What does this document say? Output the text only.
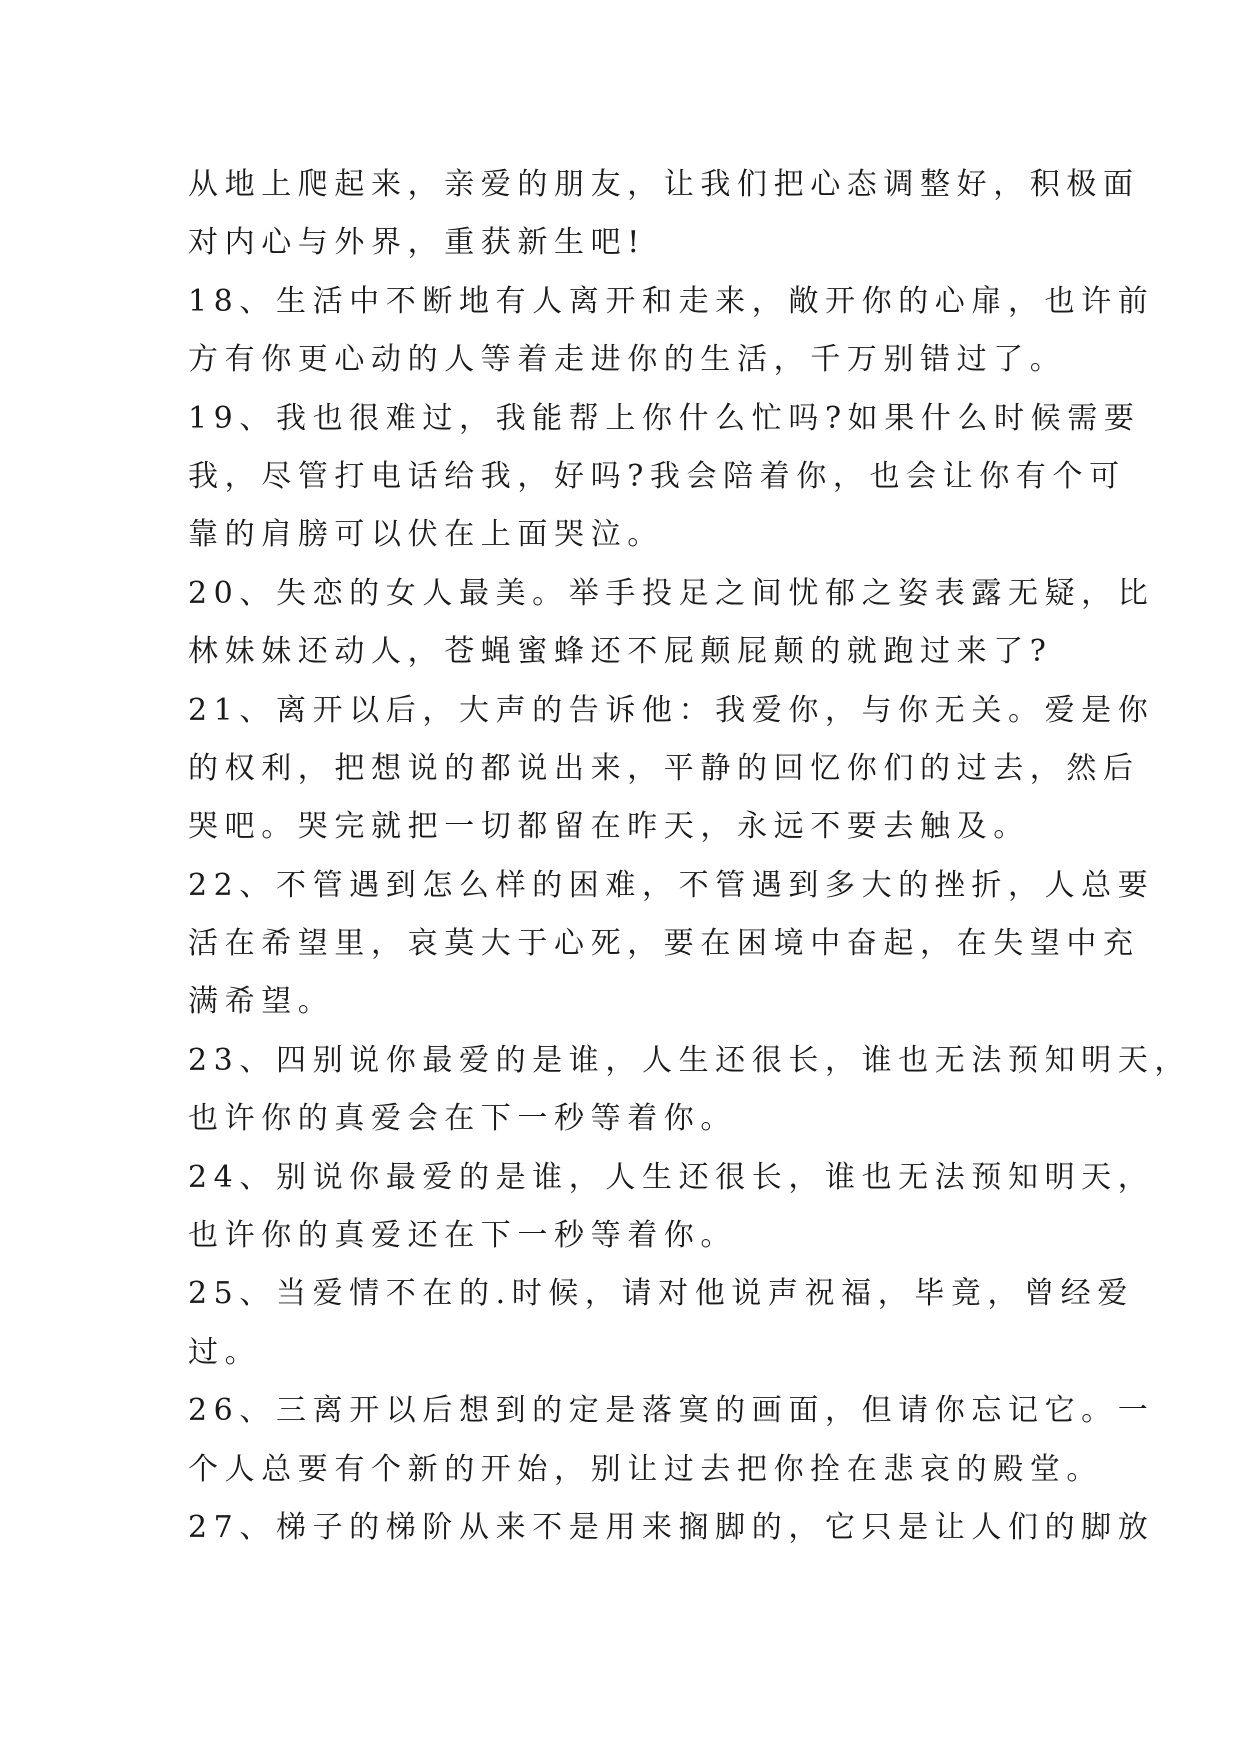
从地上爬起来，亲爱的朋友，让我们把心态调整好，积极面
对内心与外界，重获新生吧!
18、生活中不断地有人离开和走来，敞开你的心扉，也许前
方有你更心动的人等着走进你的生活，千万别错过了。
19、我也很难过，我能帮上你什么忙吗?如果什么时候需要
我，尽管打电话给我，好吗?我会陪着你，也会让你有个可
靠的肩膀可以伏在上面哭泣。
20、失恋的女人最美。举手投足之间忧郁之姿表露无疑，比
林妹妹还动人，苍蝇蜜蜂还不屁颠屁颠的就跑过来了?
21、离开以后，大声的告诉他：我爱你，与你无关。爱是你
的权利，把想说的都说出来，平静的回忆你们的过去，然后
哭吧。哭完就把一切都留在昨天，永远不要去触及。
22、不管遇到怎么样的困难，不管遇到多大的挫折，人总要
活在希望里，哀莫大于心死，要在困境中奋起，在失望中充
满希望。
23、四别说你最爱的是谁，人生还很长，谁也无法预知明天，
也许你的真爱会在下一秒等着你。
24、别说你最爱的是谁，人生还很长，谁也无法预知明天，
也许你的真爱还在下一秒等着你。
25、当爱情不在的.时候，请对他说声祝福，毕竟，曾经爱
过。
26、三离开以后想到的定是落寞的画面，但请你忘记它。一
个人总要有个新的开始，别让过去把你拴在悲哀的殿堂。
27、梯子的梯阶从来不是用来搁脚的，它只是让人们的脚放
